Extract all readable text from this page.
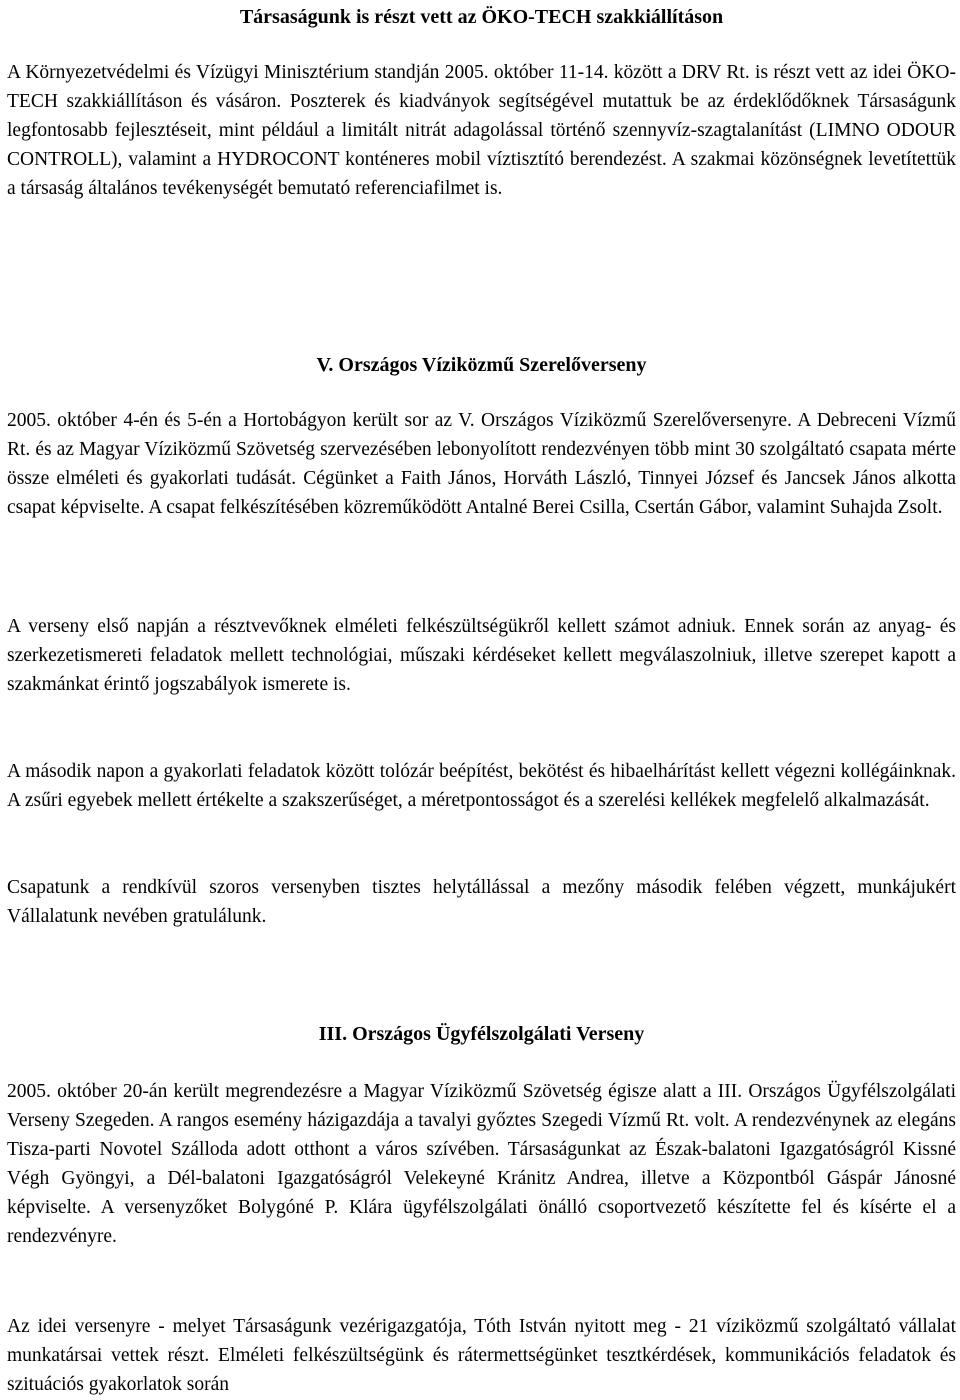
Társaságunk is részt vett az ÖKO-TECH szakkiállításon

A Környezetvédelmi és Vízügyi Minisztérium standján 2005. október 11-14. között a DRV Rt. is részt vett az idei ÖKO-TECH szakkiállításon és vásáron. Poszterek és kiadványok segítségével mutattuk be az érdeklődőknek Társaságunk legfontosabb fejlesztéseit, mint például a limitált nitrát adagolással történő szennyvíz-szagtalanítást (LIMNO ODOUR CONTROLL), valamint a HYDROCONT konténeres mobil víztisztító berendezést. A szakmai közönségnek levetítettük a társaság általános tevékenységét bemutató referenciafilmet is.

V. Országos Víziközmű Szerelőverseny

2005. október 4-én és 5-én a Hortobágyon került sor az V. Országos Víziközmű Szerelőversenyre. A Debreceni Vízmű Rt. és az Magyar Víziközmű Szövetség szervezésében lebonyolított rendezvényen több mint 30 szolgáltató csapata mérte össze elméleti és gyakorlati tudását. Cégünket a Faith János, Horváth László, Tinnyei József és Jancsek János alkotta csapat képviselte. A csapat felkészítésében közreműködött Antalné Berei Csilla, Csertán Gábor, valamint Suhajda Zsolt.

A verseny első napján a résztvevőknek elméleti felkészültségükről kellett számot adniuk. Ennek során az anyag- és szerkezetismereti feladatok mellett technológiai, műszaki kérdéseket kellett megválaszolniuk, illetve szerepet kapott a szakmánkat érintő jogszabályok ismerete is.

A második napon a gyakorlati feladatok között tolózár beépítést, bekötést és hibaelhárítást kellett végezni kollégáinknak. A zsűri egyebek mellett értékelte a szakszerűséget, a méretpontosságot és a szerelési kellékek megfelelő alkalmazását.

Csapatunk a rendkívül szoros versenyben tisztes helytállással a mezőny második felében végzett, munkájukért Vállalatunk nevében gratulálunk.

III. Országos Ügyfélszolgálati Verseny

2005. október 20-án került megrendezésre a Magyar Víziközmű Szövetség égisze alatt a III. Országos Ügyfélszolgálati Verseny Szegeden. A rangos esemény házigazdája a tavalyi győztes Szegedi Vízmű Rt. volt. A rendezvénynek az elegáns Tisza-parti Novotel Szálloda adott otthont a város szívében. Társaságunkat az Észak-balatoni Igazgatóságról Kissné Végh Gyöngyi, a Dél-balatoni Igazgatóságról Velekeyné Kránitz Andrea, illetve a Központból Gáspár Jánosné képviselte. A versenyzőket Bolygóné P. Klára ügyfélszolgálati önálló csoportvezető készítette fel és kísérte el a rendezvényre.

Az idei versenyre - melyet Társaságunk vezérigazgatója, Tóth István nyitott meg - 21 víziközmű szolgáltató vállalat munkatársai vettek részt. Elméleti felkészültségünk és rátermettségünket tesztkérdések, kommunikációs feladatok és szituációs gyakorlatok során
